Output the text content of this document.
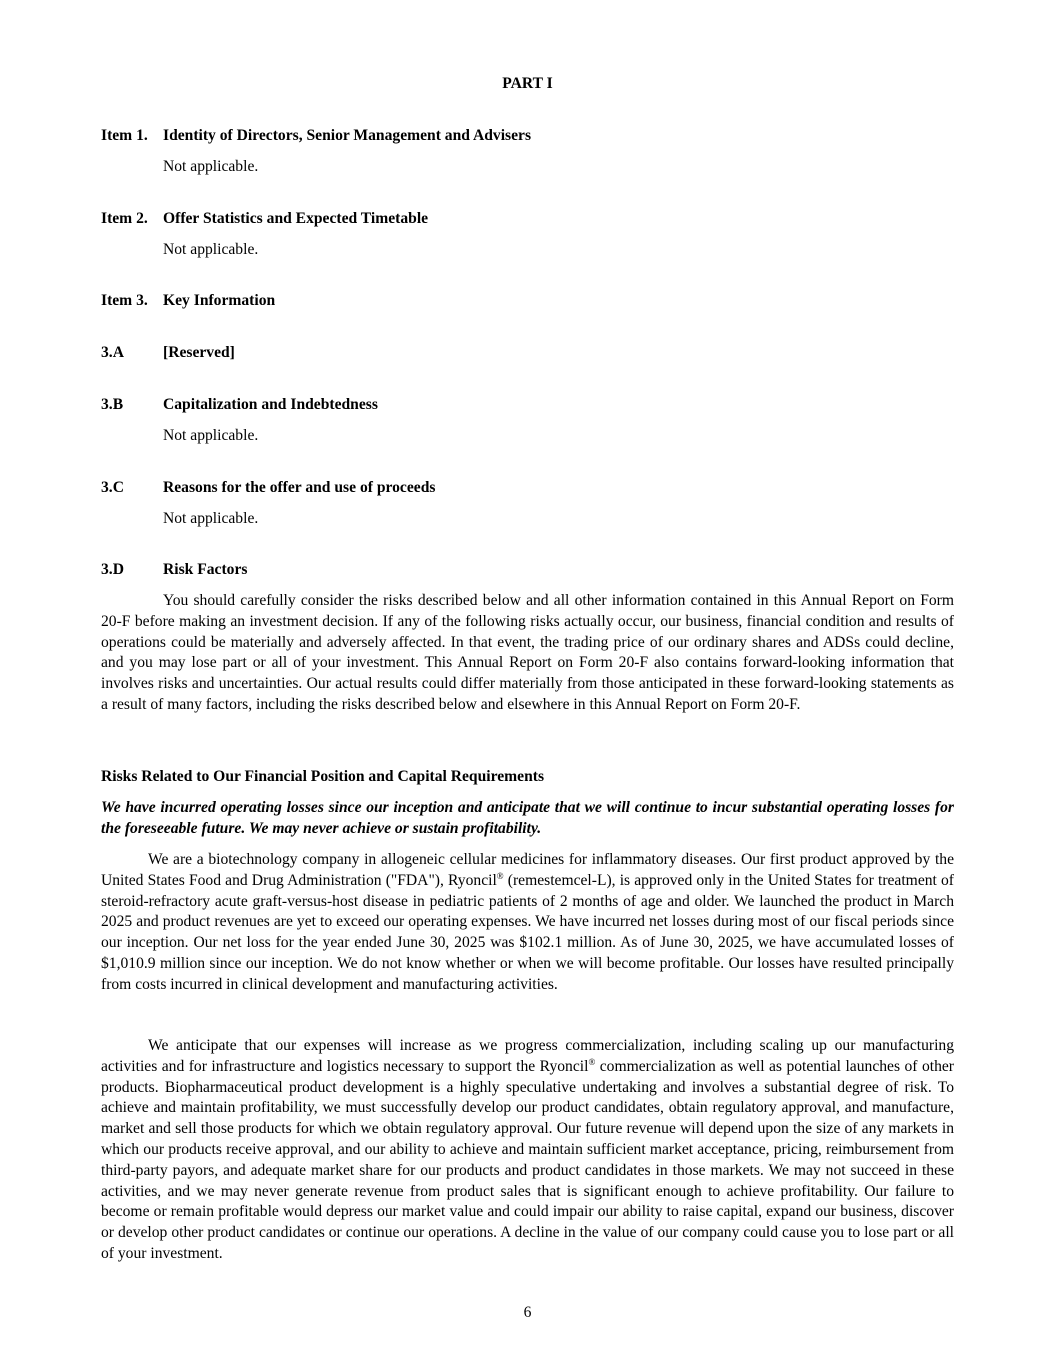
PART I
Item 1. Identity of Directors, Senior Management and Advisers
Not applicable.
Item 2. Offer Statistics and Expected Timetable
Not applicable.
Item 3. Key Information
3.A	[Reserved]
3.B	Capitalization and Indebtedness
Not applicable.
3.C	Reasons for the offer and use of proceeds
Not applicable.
3.D	Risk Factors
You should carefully consider the risks described below and all other information contained in this Annual Report on Form 20-F before making an investment decision. If any of the following risks actually occur, our business, financial condition and results of operations could be materially and adversely affected. In that event, the trading price of our ordinary shares and ADSs could decline, and you may lose part or all of your investment. This Annual Report on Form 20-F also contains forward-looking information that involves risks and uncertainties. Our actual results could differ materially from those anticipated in these forward-looking statements as a result of many factors, including the risks described below and elsewhere in this Annual Report on Form 20-F.
Risks Related to Our Financial Position and Capital Requirements
We have incurred operating losses since our inception and anticipate that we will continue to incur substantial operating losses for the foreseeable future. We may never achieve or sustain profitability.
We are a biotechnology company in allogeneic cellular medicines for inflammatory diseases. Our first product approved by the United States Food and Drug Administration ("FDA"), Ryoncil® (remestemcel-L), is approved only in the United States for treatment of steroid-refractory acute graft-versus-host disease in pediatric patients of 2 months of age and older. We launched the product in March 2025 and product revenues are yet to exceed our operating expenses. We have incurred net losses during most of our fiscal periods since our inception. Our net loss for the year ended June 30, 2025 was $102.1 million. As of June 30, 2025, we have accumulated losses of $1,010.9 million since our inception. We do not know whether or when we will become profitable. Our losses have resulted principally from costs incurred in clinical development and manufacturing activities.
We anticipate that our expenses will increase as we progress commercialization, including scaling up our manufacturing activities and for infrastructure and logistics necessary to support the Ryoncil® commercialization as well as potential launches of other products. Biopharmaceutical product development is a highly speculative undertaking and involves a substantial degree of risk. To achieve and maintain profitability, we must successfully develop our product candidates, obtain regulatory approval, and manufacture, market and sell those products for which we obtain regulatory approval. Our future revenue will depend upon the size of any markets in which our products receive approval, and our ability to achieve and maintain sufficient market acceptance, pricing, reimbursement from third-party payors, and adequate market share for our products and product candidates in those markets. We may not succeed in these activities, and we may never generate revenue from product sales that is significant enough to achieve profitability. Our failure to become or remain profitable would depress our market value and could impair our ability to raise capital, expand our business, discover or develop other product candidates or continue our operations. A decline in the value of our company could cause you to lose part or all of your investment.
6
